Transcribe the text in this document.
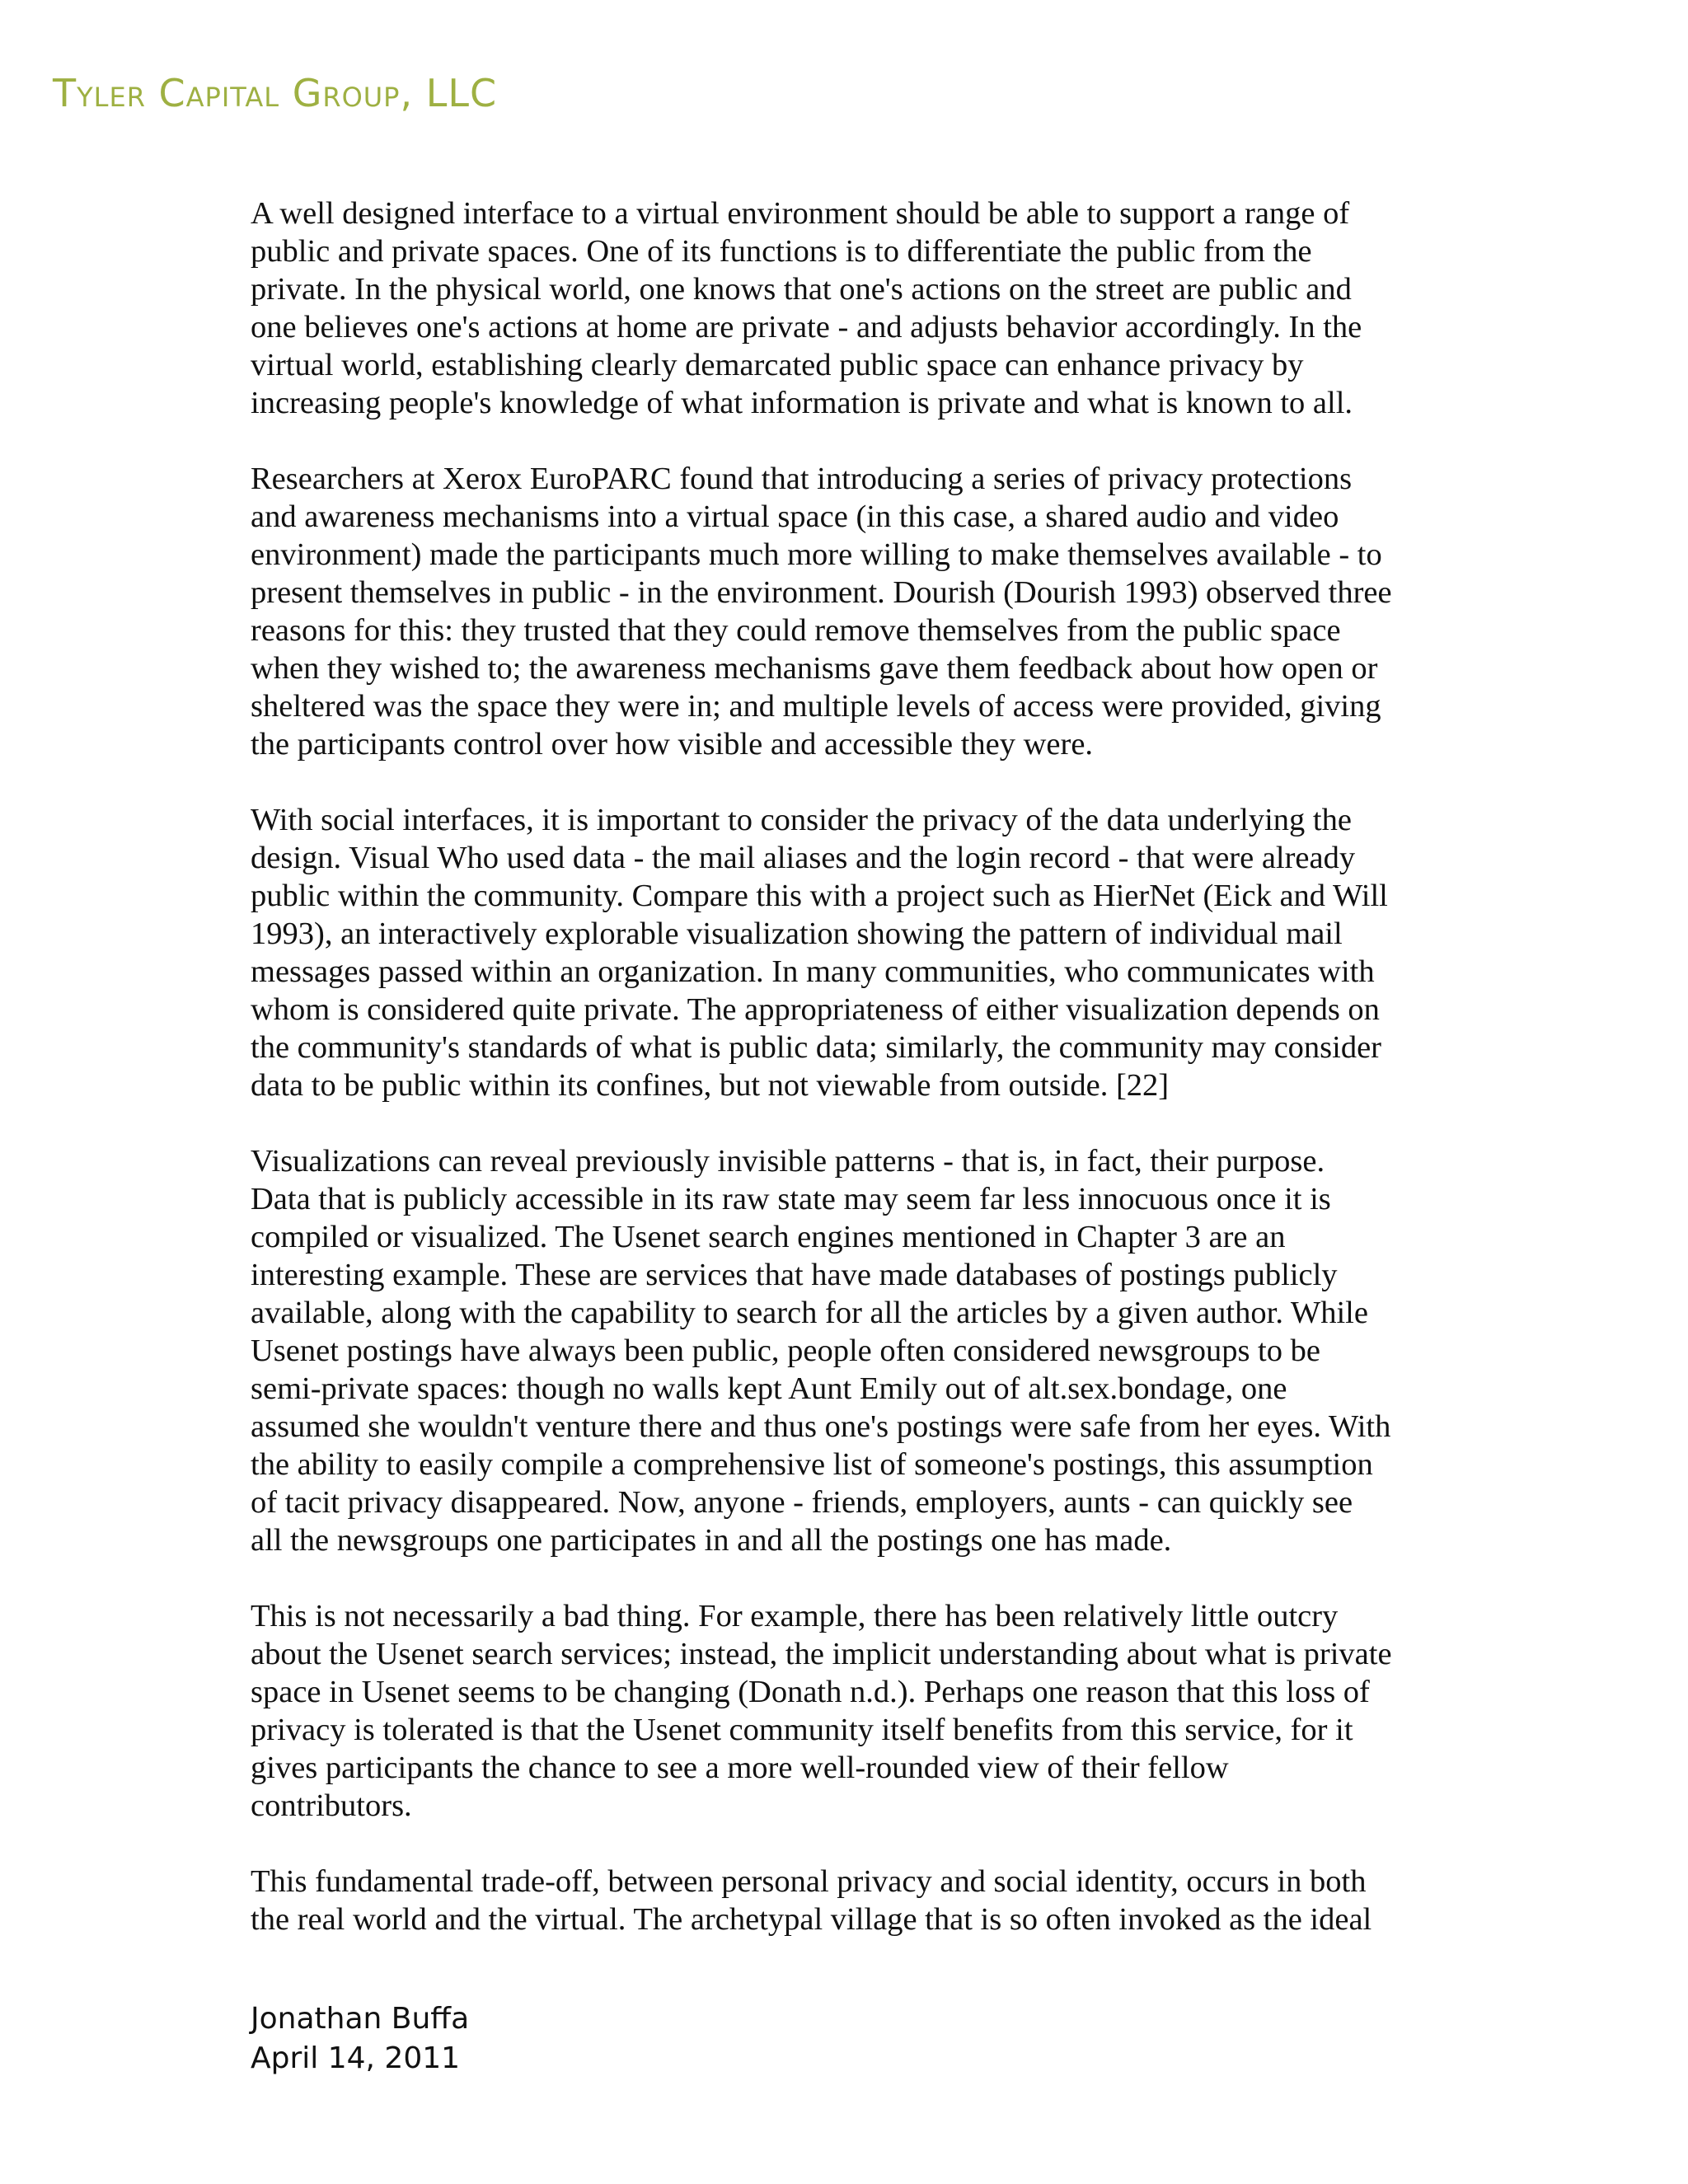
Tyler Capital Group, LLC

A well designed interface to a virtual environment should be able to support a range of
public and private spaces. One of its functions is to differentiate the public from the
private. In the physical world, one knows that one's actions on the street are public and
one believes one's actions at home are private - and adjusts behavior accordingly. In the
virtual world, establishing clearly demarcated public space can enhance privacy by
increasing people's knowledge of what information is private and what is known to all.

Researchers at Xerox EuroPARC found that introducing a series of privacy protections
and awareness mechanisms into a virtual space (in this case, a shared audio and video
environment) made the participants much more willing to make themselves available - to
present themselves in public - in the environment. Dourish (Dourish 1993) observed three
reasons for this: they trusted that they could remove themselves from the public space
when they wished to; the awareness mechanisms gave them feedback about how open or
sheltered was the space they were in; and multiple levels of access were provided, giving
the participants control over how visible and accessible they were.

With social interfaces, it is important to consider the privacy of the data underlying the
design. Visual Who used data - the mail aliases and the login record - that were already
public within the community. Compare this with a project such as HierNet (Eick and Will
1993), an interactively explorable visualization showing the pattern of individual mail
messages passed within an organization. In many communities, who communicates with
whom is considered quite private. The appropriateness of either visualization depends on
the community's standards of what is public data; similarly, the community may consider
data to be public within its confines, but not viewable from outside. [22]

Visualizations can reveal previously invisible patterns - that is, in fact, their purpose.
Data that is publicly accessible in its raw state may seem far less innocuous once it is
compiled or visualized. The Usenet search engines mentioned in Chapter 3 are an
interesting example. These are services that have made databases of postings publicly
available, along with the capability to search for all the articles by a given author. While
Usenet postings have always been public, people often considered newsgroups to be
semi-private spaces: though no walls kept Aunt Emily out of alt.sex.bondage, one
assumed she wouldn't venture there and thus one's postings were safe from her eyes. With
the ability to easily compile a comprehensive list of someone's postings, this assumption
of tacit privacy disappeared. Now, anyone - friends, employers, aunts - can quickly see
all the newsgroups one participates in and all the postings one has made.

This is not necessarily a bad thing. For example, there has been relatively little outcry
about the Usenet search services; instead, the implicit understanding about what is private
space in Usenet seems to be changing (Donath n.d.). Perhaps one reason that this loss of
privacy is tolerated is that the Usenet community itself benefits from this service, for it
gives participants the chance to see a more well-rounded view of their fellow
contributors.

This fundamental trade-off, between personal privacy and social identity, occurs in both
the real world and the virtual. The archetypal village that is so often invoked as the ideal

Jonathan Buffa
April 14, 2011
